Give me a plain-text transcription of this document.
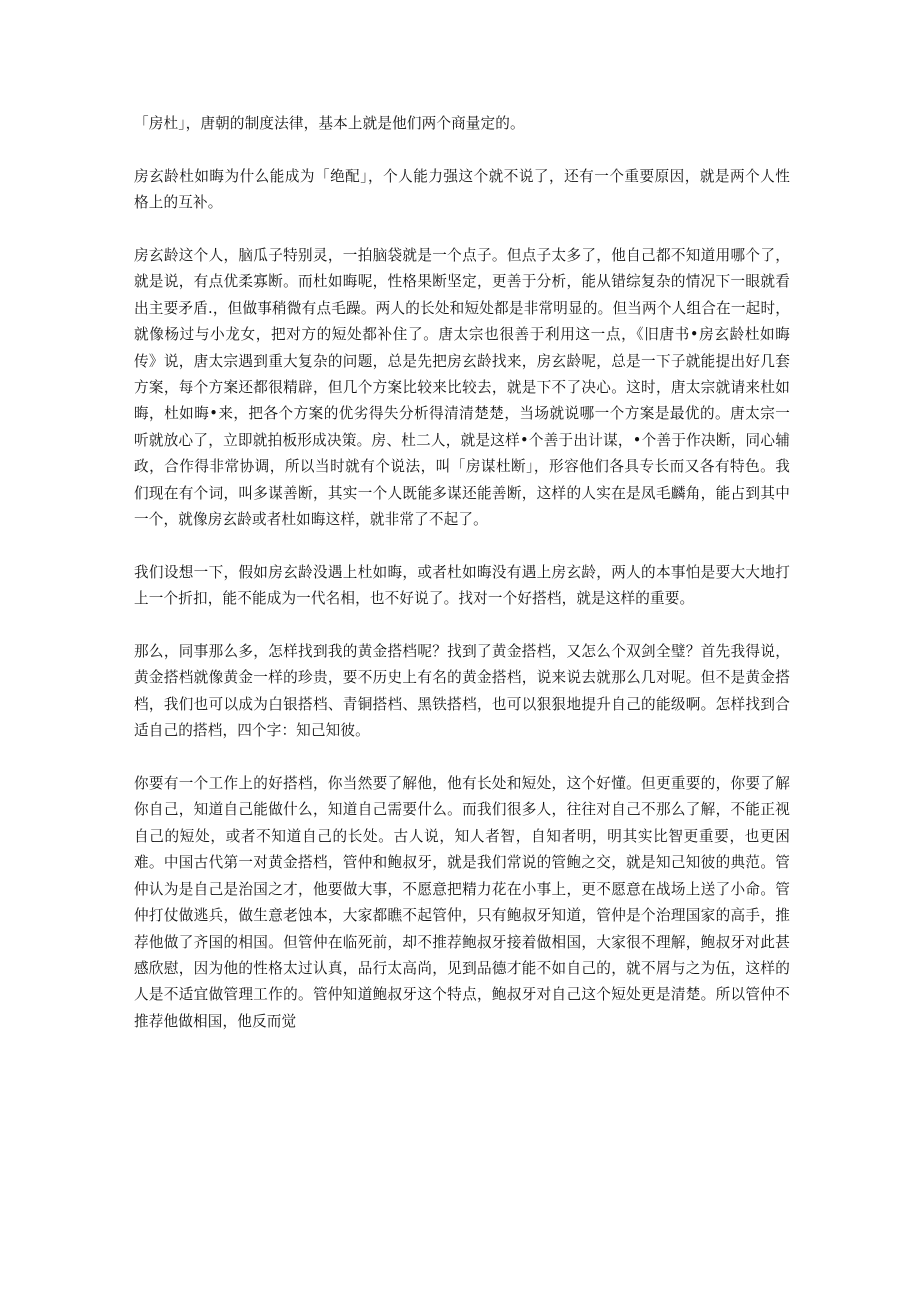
「房杜」，唐朝的制度法律，基本上就是他们两个商量定的。

房玄龄杜如晦为什么能成为「绝配」，个人能力强这个就不说了，还有一个重要原因，就是两个人性格上的互补。

房玄龄这个人，脑瓜子特别灵，一拍脑袋就是一个点子。但点子太多了，他自己都不知道用哪个了，就是说，有点优柔寡断。而杜如晦呢，性格果断坚定，更善于分析，能从错综复杂的情况下一眼就看出主要矛盾.，但做事稍微有点毛躁。两人的长处和短处都是非常明显的。但当两个人组合在一起时，就像杨过与小龙女，把对方的短处都补住了。唐太宗也很善于利用这一点，《旧唐书•房玄龄杜如晦传》说，唐太宗遇到重大复杂的问题，总是先把房玄龄找来，房玄龄呢，总是一下子就能提出好几套方案，每个方案还都很精辟，但几个方案比较来比较去，就是下不了决心。这时，唐太宗就请来杜如晦，杜如晦•来，把各个方案的优劣得失分析得清清楚楚，当场就说哪一个方案是最优的。唐太宗一听就放心了，立即就拍板形成决策。房、杜二人，就是这样•个善于出计谋，•个善于作决断，同心辅政，合作得非常协调，所以当时就有个说法，叫「房谋杜断」，形容他们各具专长而又各有特色。我们现在有个词，叫多谋善断，其实一个人既能多谋还能善断，这样的人实在是凤毛麟角，能占到其中一个，就像房玄龄或者杜如晦这样，就非常了不起了。

我们设想一下，假如房玄龄没遇上杜如晦，或者杜如晦没有遇上房玄龄，两人的本事怕是要大大地打上一个折扣，能不能成为一代名相，也不好说了。找对一个好搭档，就是这样的重要。

那么，同事那么多，怎样找到我的黄金搭档呢？找到了黄金搭档，又怎么个双剑全璧？首先我得说，黄金搭档就像黄金一样的珍贵，要不历史上有名的黄金搭档，说来说去就那么几对呢。但不是黄金搭档，我们也可以成为白银搭档、青铜搭档、黑铁搭档，也可以狠狠地提升自己的能级啊。怎样找到合适自己的搭档，四个字：知己知彼。

你要有一个工作上的好搭档，你当然要了解他，他有长处和短处，这个好懂。但更重要的，你要了解你自己，知道自己能做什么，知道自己需要什么。而我们很多人，往往对自己不那么了解，不能正视自己的短处，或者不知道自己的长处。古人说，知人者智，自知者明，明其实比智更重要，也更困难。中国古代第一对黄金搭档，管仲和鲍叔牙，就是我们常说的管鲍之交，就是知己知彼的典范。管仲认为是自己是治国之才，他要做大事，不愿意把精力花在小事上，更不愿意在战场上送了小命。管仲打仗做逃兵，做生意老蚀本，大家都瞧不起管仲，只有鲍叔牙知道，管仲是个治理国家的高手，推荐他做了齐国的相国。但管仲在临死前，却不推荐鲍叔牙接着做相国，大家很不理解，鲍叔牙对此甚感欣慰，因为他的性格太过认真，品行太高尚，见到品德才能不如自己的，就不屑与之为伍，这样的人是不适宜做管理工作的。管仲知道鲍叔牙这个特点，鲍叔牙对自己这个短处更是清楚。所以管仲不推荐他做相国，他反而觉
